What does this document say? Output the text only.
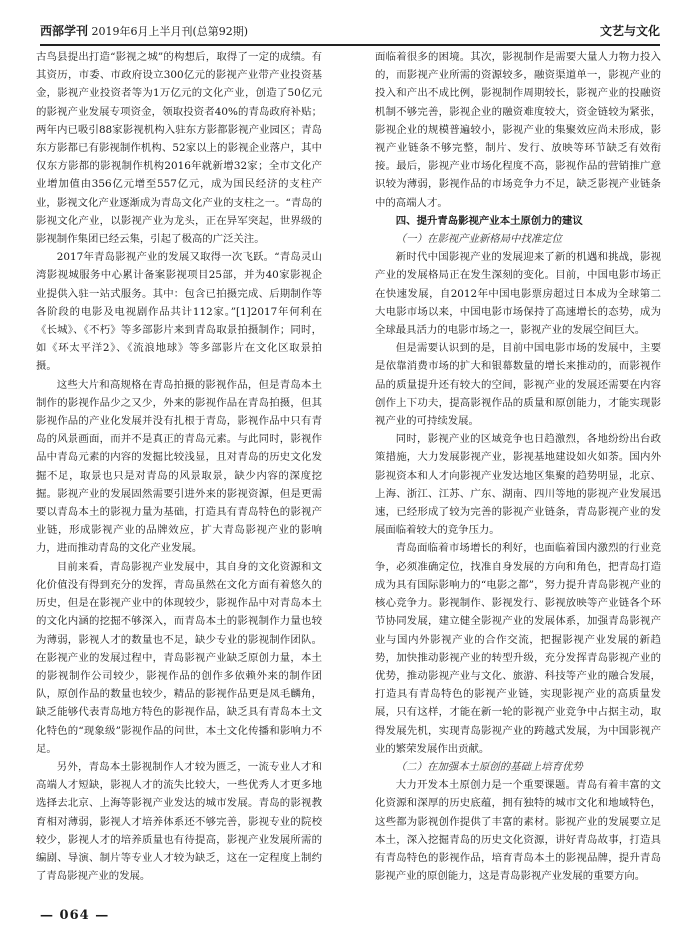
西部学刊 2019年6月上半月刊(总第92期)	文艺与文化

古鸟县提出打造“影视之城”的构想后，取得了一定的成绩。有其资历，市委、市政府设立300亿元的影视产业带产业投资基金，影视产业投资者等为1万亿元的文化产业，创造了50亿元的影视产业发展专项资金，领取投资者40%的青岛政府补贴；两年内已吸引88家影视机构入驻东方影都影视产业园区；青岛东方影都已有影视制作机构、52家以上的影视企业落户，其中仅东方影都的影视制作机构2016年就新增32家；全市文化产业增加值由356亿元增至557亿元，成为国民经济的支柱产业，影视文化产业逐渐成为青岛文化产业的支柱之一。“青岛的影视文化产业，以影视产业为龙头，正在异军突起，世界级的影视制作集团已经云集，引起了极高的广泛关注。

2017年青岛影视产业的发展又取得一次飞跃。“青岛灵山湾影视城服务中心累计备案影视项目25部，并为40家影视企业提供入驻一站式服务。其中：包含已拍摄完成、后期制作等各阶段的电影及电视剧作品共计112家。”[1]2017年何利在《长城》、《不朽》等多部影片来到青岛取景拍摄制作；同时，如《环太平洋2》、《流浪地球》等多部影片在文化区取景拍摄。

这些大片和高规格在青岛拍摄的影视作品，但是青岛本土制作的影视作品少之又少，外来的影视作品在青岛拍摄，但其影视作品的产业化发展并没有扎根于青岛，影视作品中只有青岛的风景画面，而并不是真正的青岛元素。与此同时，影视作品中青岛元素的内容的发掘比较浅显，且对青岛的历史文化发掘不足，取景也只是对青岛的风景取景，缺少内容的深度挖掘。影视产业的发展固然需要引进外来的影视资源，但是更需要以青岛本土的影视力量为基础，打造具有青岛特色的影视产业链，形成影视产业的品牌效应，扩大青岛影视产业的影响力，进而推动青岛的文化产业发展。

目前来看，青岛影视产业发展中，其自身的文化资源和文化价值没有得到充分的发挥，青岛虽然在文化方面有着悠久的历史，但是在影视产业中的体现较少，影视作品中对青岛本土的文化内涵的挖掘不够深入，而青岛本土的影视制作力量也较为薄弱，影视人才的数量也不足，缺少专业的影视制作团队。在影视产业的发展过程中，青岛影视产业缺乏原创力量，本土的影视制作公司较少，影视作品的创作多依赖外来的制作团队，原创作品的数量也较少，精品的影视作品更是凤毛麟角，缺乏能够代表青岛地方特色的影视作品，缺乏具有青岛本土文化特色的“现象级”影视作品的问世，本土文化传播和影响力不足。

另外，青岛本土影视制作人才较为匮乏，一流专业人才和高端人才短缺，影视人才的流失比较大，一些优秀人才更多地选择去北京、上海等影视产业发达的城市发展。青岛的影视教育相对薄弱，影视人才培养体系还不够完善，影视专业的院校较少，影视人才的培养质量也有待提高，影视产业发展所需的编剧、导演、制片等专业人才较为缺乏，这在一定程度上制约了青岛影视产业的发展。

面临着很多的困境。其次，影视制作是需要大量人力物力投入的，而影视产业所需的资源较多，融资渠道单一，影视产业的投入和产出不成比例，影视制作周期较长，影视产业的投融资机制不够完善，影视企业的融资难度较大，资金链较为紧张，影视企业的规模普遍较小，影视产业的集聚效应尚未形成，影视产业链条不够完整，制片、发行、放映等环节缺乏有效衔接。最后，影视产业市场化程度不高，影视作品的营销推广意识较为薄弱，影视作品的市场竞争力不足，缺乏影视产业链条中的高端人才。

四、提升青岛影视产业本土原创力的建议

（一）在影视产业新格局中找准定位

新时代中国影视产业的发展迎来了新的机遇和挑战，影视产业的发展格局正在发生深刻的变化。目前，中国电影市场正在快速发展，自2012年中国电影票房超过日本成为全球第二大电影市场以来，中国电影市场保持了高速增长的态势，成为全球最具活力的电影市场之一，影视产业的发展空间巨大。

但是需要认识到的是，目前中国电影市场的发展中，主要是依靠消费市场的扩大和银幕数量的增长来推动的，而影视作品的质量提升还有较大的空间，影视产业的发展还需要在内容创作上下功夫，提高影视作品的质量和原创能力，才能实现影视产业的可持续发展。

同时，影视产业的区域竞争也日趋激烈，各地纷纷出台政策措施，大力发展影视产业，影视基地建设如火如荼。国内外影视资本和人才向影视产业发达地区集聚的趋势明显，北京、上海、浙江、江苏、广东、湖南、四川等地的影视产业发展迅速，已经形成了较为完善的影视产业链条，青岛影视产业的发展面临着较大的竞争压力。

青岛面临着市场增长的利好，也面临着国内激烈的行业竞争，必须准确定位，找准自身发展的方向和角色，把青岛打造成为具有国际影响力的“电影之都”，努力提升青岛影视产业的核心竞争力。影视制作、影视发行、影视放映等产业链各个环节协同发展，建立健全影视产业的发展体系，加强青岛影视产业与国内外影视产业的合作交流，把握影视产业发展的新趋势，加快推动影视产业的转型升级，充分发挥青岛影视产业的优势，推动影视产业与文化、旅游、科技等产业的融合发展，打造具有青岛特色的影视产业链，实现影视产业的高质量发展，只有这样，才能在新一轮的影视产业竞争中占据主动，取得发展先机，实现青岛影视产业的跨越式发展，为中国影视产业的繁荣发展作出贡献。

（二）在加强本土原创的基础上培育优势

大力开发本土原创力是一个重要课题。青岛有着丰富的文化资源和深厚的历史底蕴，拥有独特的城市文化和地域特色，这些都为影视创作提供了丰富的素材。影视产业的发展要立足本土，深入挖掘青岛的历史文化资源，讲好青岛故事，打造具有青岛特色的影视作品，培育青岛本土的影视品牌，提升青岛影视产业的原创能力，这是青岛影视产业发展的重要方向。

— 064 —
